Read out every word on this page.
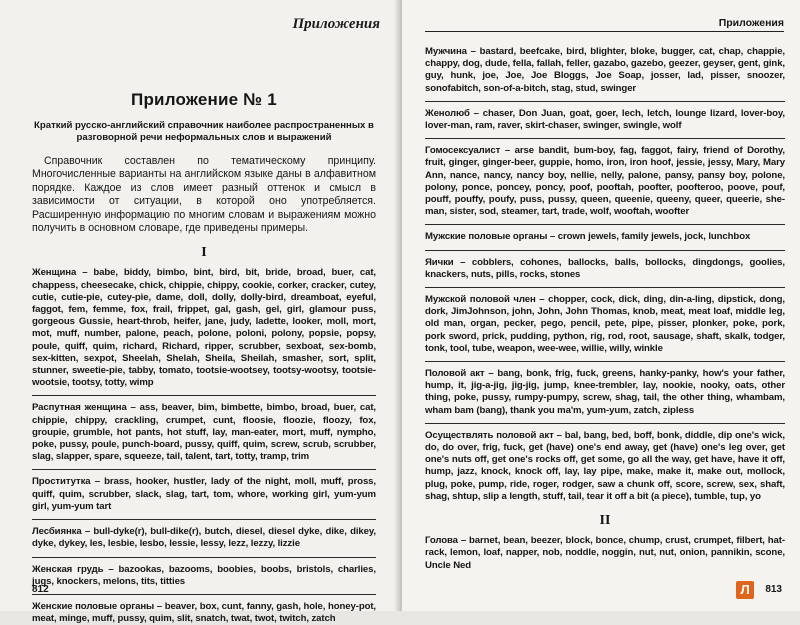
Приложения
Приложение № 1
Краткий русско-английский справочник наиболее распространенных в разговорной речи неформальных слов и выражений

Справочник составлен по тематическому принципу. Многочисленные варианты на английском языке даны в алфавитном порядке. Каждое из слов имеет разный оттенок и смысл в зависимости от ситуации, в которой оно употребляется. Расширенную информацию по многим словам и выражениям можно получить в основном словаре, где приведены примеры.

I
Женщина – babe, biddy, bimbo, bint, bird, bit, bride, broad, buer, cat, chappess, cheesecake, chick, chippie, chippy, cookie, corker, cracker, cutey, cutie, cutie-pie, cutey-pie, dame, doll, dolly, dolly-bird, dreamboat, eyeful, faggot, fem, femme, fox, frail, frippet, gal, gash, gel, girl, glamour puss, gorgeous Gussie, heart-throb, heifer, jane, judy, ladette, looker, moll, mort, mot, muff, number, palone, peach, polone, poloni, polony, popsie, popsy, poule, quiff, quim, richard, Richard, ripper, scrubber, sexboat, sex-bomb, sex-kitten, sexpot, Sheelah, Shelah, Sheila, Sheilah, smasher, sort, split, stunner, sweetie-pie, tabby, tomato, tootsie-wootsey, tootsy-wootsy, tootsie-wootsie, tootsy, totty, wimp
Распутная женщина – ass, beaver, bim, bimbette, bimbo, broad, buer, cat, chippie, chippy, crackling, crumpet, cunt, floosie, floozie, floozy, fox, groupie, grumble, hot pants, hot stuff, lay, man-eater, mort, muff, nympho, poke, pussy, poule, punch-board, pussy, quiff, quim, screw, scrub, scrubber, slag, slapper, spare, squeeze, tail, talent, tart, totty, tramp, trim
Проститутка – brass, hooker, hustler, lady of the night, moll, muff, pross, quiff, quim, scrubber, slack, slag, tart, tom, whore, working girl, yum-yum girl, yum-yum tart
Лесбиянка – bull-dyke(r), bull-dike(r), butch, diesel, diesel dyke, dike, dikey, dyke, dykey, les, lesbie, lesbo, lessie, lessy, lezz, lezzy, lizzie
Женская грудь – bazookas, bazooms, boobies, boobs, bristols, charlies, jugs, knockers, melons, tits, titties
Женские половые органы – beaver, box, cunt, fanny, gash, hole, honey-pot, meat, minge, muff, pussy, quim, slit, snatch, twat, twot, twitch, zatch
812
Приложения
Мужчина – bastard, beefcake, bird, blighter, bloke, bugger, cat, chap, chappie, chappy, dog, dude, fella, fallah, feller, gazabo, gazebo, geezer, geyser, gent, gink, guy, hunk, joe, Joe, Joe Bloggs, Joe Soap, josser, lad, pisser, snoozer, sonofabitch, son-of-a-bitch, stag, stud, swinger
Женолюб – chaser, Don Juan, goat, goer, lech, letch, lounge lizard, lover-boy, lover-man, ram, raver, skirt-chaser, swinger, swingle, wolf
Гомосексуалист – arse bandit, bum-boy, fag, faggot, fairy, friend of Dorothy, fruit, ginger, ginger-beer, guppie, homo, iron, iron hoof, jessie, jessy, Mary, Mary Ann, nance, nancy, nancy boy, nellie, nelly, palone, pansy, pansy boy, polone, polony, ponce, poncey, poncy, poof, pooftah, poofter, poofteroo, poove, pouf, pouff, pouffy, poufy, puss, pussy, queen, queenie, queeny, queer, queerie, she-man, sister, sod, steamer, tart, trade, wolf, wooftah, woofter
Мужские половые органы – crown jewels, family jewels, jock, lunchbox
Яички – cobblers, cohones, ballocks, balls, bollocks, dingdongs, goolies, knackers, nuts, pills, rocks, stones
Мужской половой член – chopper, cock, dick, ding, din-a-ling, dipstick, dong, dork, JimJohnson, john, John, John Thomas, knob, meat, meat loaf, middle leg, old man, organ, pecker, pego, pencil, pete, pipe, pisser, plonker, poke, pork, pork sword, prick, pudding, python, rig, rod, root, sausage, shaft, skalk, todger, tonk, tool, tube, weapon, wee-wee, willie, willy, winkle
Половой акт – bang, bonk, frig, fuck, greens, hanky-panky, how's your father, hump, it, jig-a-jig, jig-jig, jump, knee-trembler, lay, nookie, nooky, oats, other thing, poke, pussy, rumpy-pumpy, screw, shag, tail, the other thing, whambam, wham bam (bang), thank you ma'm, yum-yum, zatch, zipless
Осуществлять половой акт – bal, bang, bed, boff, bonk, diddle, dip one's wick, do, do over, frig, fuck, get (have) one's end away, get (have) one's leg over, get one's nuts off, get one's rocks off, get some, go all the way, get have, have it off, hump, jazz, knock, knock off, lay, lay pipe, make, make it, make out, mollock, plug, poke, pump, ride, roger, rodger, saw a chunk off, score, screw, sex, shaft, shag, shtup, slip a length, stuff, tail, tear it off a bit (a piece), tumble, tup, yo
II
Голова – barnet, bean, beezer, block, bonce, chump, crust, crumpet, filbert, hat-rack, lemon, loaf, napper, nob, noddle, noggin, nut, nut, onion, pannikin, scone, Uncle Ned
Л	813
